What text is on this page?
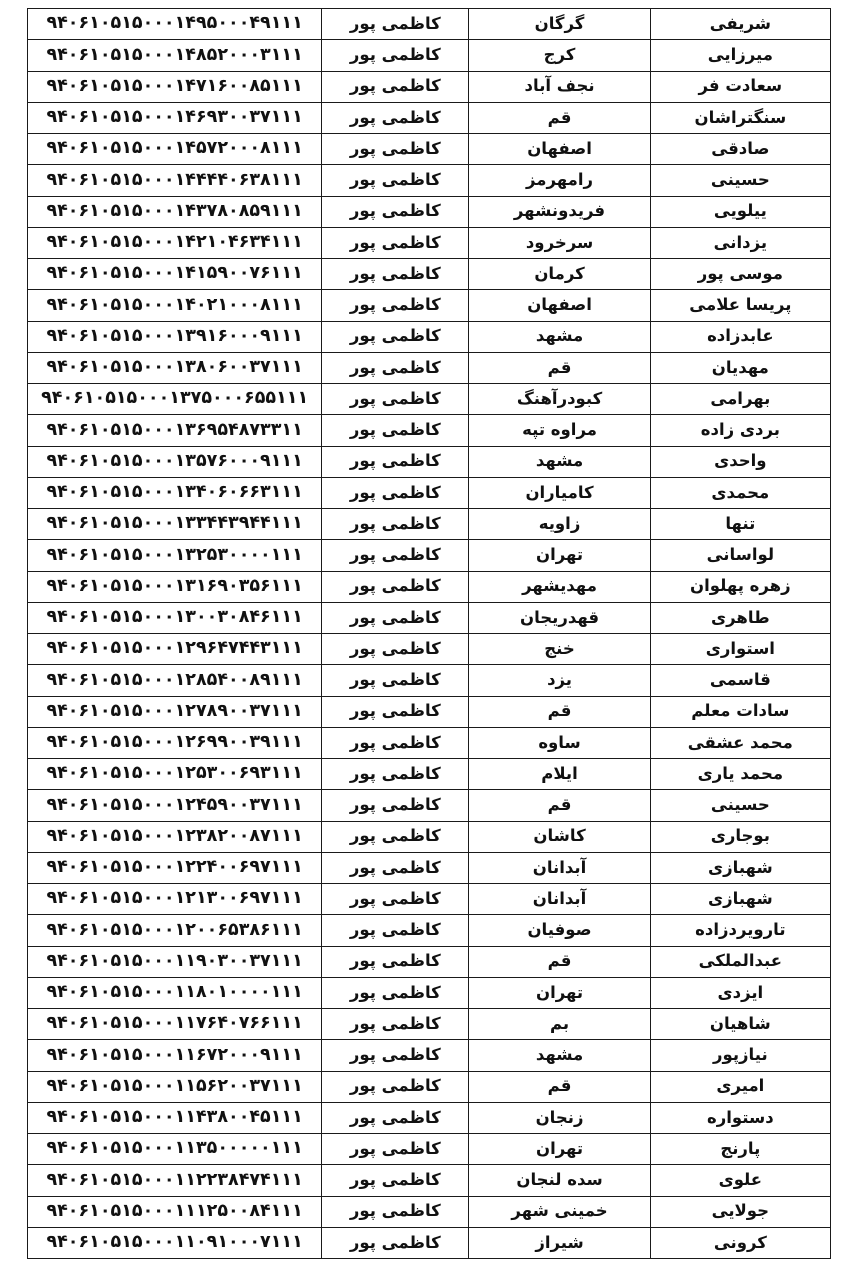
۹۴۰۶۱۰۵۱۵۰۰۰۱۴۹۵۰۰۰۴۹۱۱۱	کاظمی پور	گرگان	شریفی
۹۴۰۶۱۰۵۱۵۰۰۰۱۴۸۵۲۰۰۰۳۱۱۱	کاظمی پور	کرج	میرزایی
۹۴۰۶۱۰۵۱۵۰۰۰۱۴۷۱۶۰۰۸۵۱۱۱	کاظمی پور	نجف آباد	سعادت فر
۹۴۰۶۱۰۵۱۵۰۰۰۱۴۶۹۳۰۰۳۷۱۱۱	کاظمی پور	قم	سنگتراشان
۹۴۰۶۱۰۵۱۵۰۰۰۱۴۵۷۲۰۰۰۸۱۱۱	کاظمی پور	اصفهان	صادقی
۹۴۰۶۱۰۵۱۵۰۰۰۱۴۴۴۴۰۶۳۸۱۱۱	کاظمی پور	رامهرمز	حسینی
۹۴۰۶۱۰۵۱۵۰۰۰۱۴۳۷۸۰۸۵۹۱۱۱	کاظمی پور	فریدونشهر	ییلویی
۹۴۰۶۱۰۵۱۵۰۰۰۱۴۲۱۰۴۶۳۴۱۱۱	کاظمی پور	سرخرود	یزدانی
۹۴۰۶۱۰۵۱۵۰۰۰۱۴۱۵۹۰۰۷۶۱۱۱	کاظمی پور	کرمان	موسی پور
۹۴۰۶۱۰۵۱۵۰۰۰۱۴۰۲۱۰۰۰۸۱۱۱	کاظمی پور	اصفهان	پریسا علامی
۹۴۰۶۱۰۵۱۵۰۰۰۱۳۹۱۶۰۰۰۹۱۱۱	کاظمی پور	مشهد	عابدزاده
۹۴۰۶۱۰۵۱۵۰۰۰۱۳۸۰۶۰۰۳۷۱۱۱	کاظمی پور	قم	مهدیان
۹۴۰۶۱۰۵۱۵۰۰۰۱۳۷۵۰۰۰۶۵۵۱۱۱	کاظمی پور	کبودرآهنگ	بهرامی
۹۴۰۶۱۰۵۱۵۰۰۰۱۳۶۹۵۴۸۷۳۳۱۱	کاظمی پور	مراوه تپه	بردی زاده
۹۴۰۶۱۰۵۱۵۰۰۰۱۳۵۷۶۰۰۰۹۱۱۱	کاظمی پور	مشهد	واحدی
۹۴۰۶۱۰۵۱۵۰۰۰۱۳۴۰۶۰۶۶۳۱۱۱	کاظمی پور	کامیاران	محمدی
۹۴۰۶۱۰۵۱۵۰۰۰۱۳۳۴۴۳۹۴۴۱۱۱	کاظمی پور	زاویه	تنها
۹۴۰۶۱۰۵۱۵۰۰۰۱۳۲۵۳۰۰۰۰۱۱۱	کاظمی پور	تهران	لواسانی
۹۴۰۶۱۰۵۱۵۰۰۰۱۳۱۶۹۰۳۵۶۱۱۱	کاظمی پور	مهدیشهر	زهره پهلوان
۹۴۰۶۱۰۵۱۵۰۰۰۱۳۰۰۳۰۸۴۶۱۱۱	کاظمی پور	قهدریجان	طاهری
۹۴۰۶۱۰۵۱۵۰۰۰۱۲۹۶۴۷۴۴۳۱۱۱	کاظمی پور	خنج	استواری
۹۴۰۶۱۰۵۱۵۰۰۰۱۲۸۵۴۰۰۸۹۱۱۱	کاظمی پور	یزد	قاسمی
۹۴۰۶۱۰۵۱۵۰۰۰۱۲۷۸۹۰۰۳۷۱۱۱	کاظمی پور	قم	سادات معلم
۹۴۰۶۱۰۵۱۵۰۰۰۱۲۶۹۹۰۰۳۹۱۱۱	کاظمی پور	ساوه	محمد عشقی
۹۴۰۶۱۰۵۱۵۰۰۰۱۲۵۳۰۰۶۹۳۱۱۱	کاظمی پور	ایلام	محمد یاری
۹۴۰۶۱۰۵۱۵۰۰۰۱۲۴۵۹۰۰۳۷۱۱۱	کاظمی پور	قم	حسینی
۹۴۰۶۱۰۵۱۵۰۰۰۱۲۳۸۲۰۰۸۷۱۱۱	کاظمی پور	کاشان	بوجاری
۹۴۰۶۱۰۵۱۵۰۰۰۱۲۲۴۰۰۶۹۷۱۱۱	کاظمی پور	آبدانان	شهبازی
۹۴۰۶۱۰۵۱۵۰۰۰۱۲۱۳۰۰۶۹۷۱۱۱	کاظمی پور	آبدانان	شهبازی
۹۴۰۶۱۰۵۱۵۰۰۰۱۲۰۰۶۵۳۸۶۱۱۱	کاظمی پور	صوفیان	تارویردزاده
۹۴۰۶۱۰۵۱۵۰۰۰۱۱۹۰۳۰۰۳۷۱۱۱	کاظمی پور	قم	عبدالملکی
۹۴۰۶۱۰۵۱۵۰۰۰۱۱۸۰۱۰۰۰۰۱۱۱	کاظمی پور	تهران	ایزدی
۹۴۰۶۱۰۵۱۵۰۰۰۱۱۷۶۴۰۷۶۶۱۱۱	کاظمی پور	بم	شاهیان
۹۴۰۶۱۰۵۱۵۰۰۰۱۱۶۷۲۰۰۰۹۱۱۱	کاظمی پور	مشهد	نیازپور
۹۴۰۶۱۰۵۱۵۰۰۰۱۱۵۶۲۰۰۳۷۱۱۱	کاظمی پور	قم	امیری
۹۴۰۶۱۰۵۱۵۰۰۰۱۱۴۳۸۰۰۴۵۱۱۱	کاظمی پور	زنجان	دستواره
۹۴۰۶۱۰۵۱۵۰۰۰۱۱۳۵۰۰۰۰۰۱۱۱	کاظمی پور	تهران	پارنج
۹۴۰۶۱۰۵۱۵۰۰۰۱۱۲۲۳۸۴۷۴۱۱۱	کاظمی پور	سده لنجان	علوی
۹۴۰۶۱۰۵۱۵۰۰۰۱۱۱۲۵۰۰۸۴۱۱۱	کاظمی پور	خمینی شهر	جولایی
۹۴۰۶۱۰۵۱۵۰۰۰۱۱۰۹۱۰۰۰۷۱۱۱	کاظمی پور	شیراز	کرونی
